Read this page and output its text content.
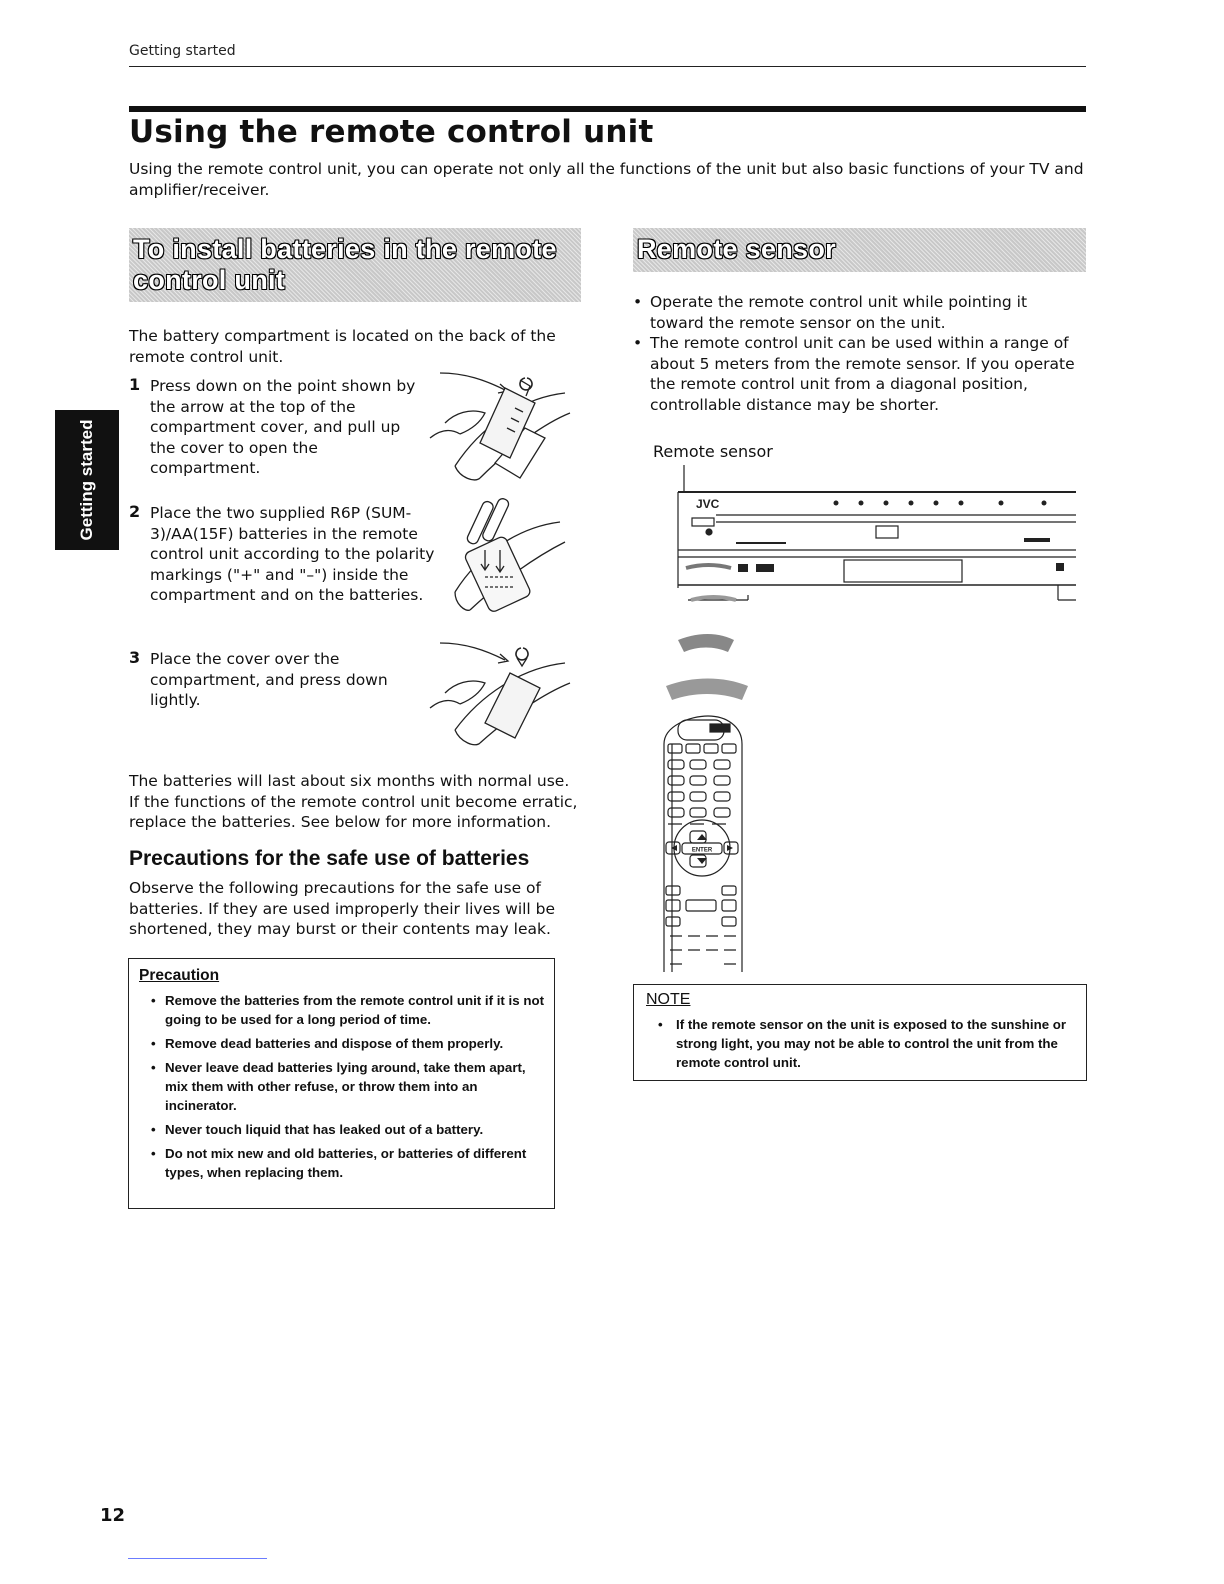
Getting started
Using the remote control unit
Using the remote control unit, you can operate not only all the functions of the unit but also basic functions of your TV and amplifier/receiver.
Getting started
To install batteries in the remote
control unit
The battery compartment is located on the back of the remote control unit.
1 Press down on the point shown by the arrow at the top of the compartment cover, and pull up the cover to open the compartment.
2 Place the two supplied R6P (SUM-3)/AA(15F) batteries in the remote control unit according to the polarity markings ("+" and "–") inside the compartment and on the batteries.
3 Place the cover over the compartment, and press down lightly.
The batteries will last about six months with normal use. If the functions of the remote control unit become erratic, replace the batteries. See below for more information.
Precautions for the safe use of batteries
Observe the following precautions for the safe use of batteries. If they are used improperly their lives will be shortened, they may burst or their contents may leak.
Precaution
• Remove the batteries from the remote control unit if it is not going to be used for a long period of time.
• Remove dead batteries and dispose of them properly.
• Never leave dead batteries lying around, take them apart, mix them with other refuse, or throw them into an incinerator.
• Never touch liquid that has leaked out of a battery.
• Do not mix new and old batteries, or batteries of different types, when replacing them.
Remote sensor
• Operate the remote control unit while pointing it toward the remote sensor on the unit.
• The remote control unit can be used within a range of about 5 meters from the remote sensor. If you operate the remote control unit from a diagonal position, controllable distance may be shorter.
Remote sensor
JVC
ENTER
NOTE
• If the remote sensor on the unit is exposed to the sunshine or strong light, you may not be able to control the unit from the remote control unit.
12
